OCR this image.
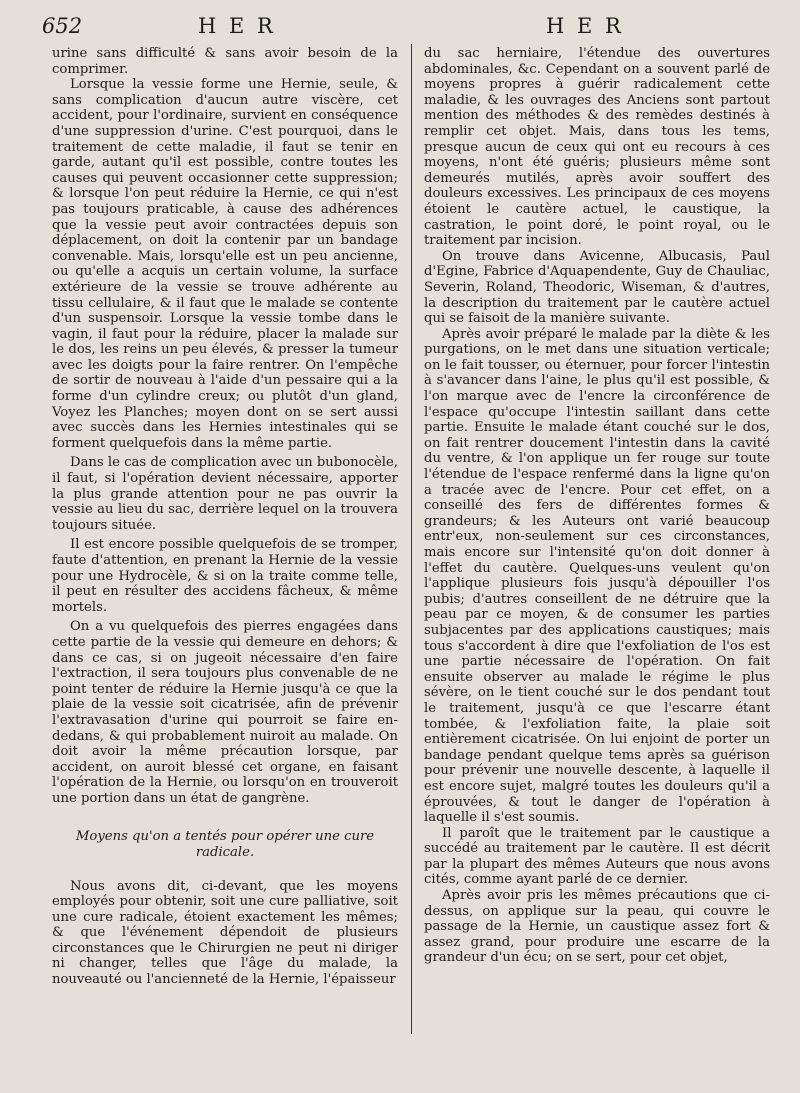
652	H E R	H E R

urine sans difficulté & sans avoir besoin de la comprimer.

Lorsque la vessie forme une Hernie, seule, & sans complication d'aucun autre viscère, cet accident, pour l'ordinaire, survient en conséquence d'une suppression d'urine. C'est pourquoi, dans le traitement de cette maladie, il faut se tenir en garde, autant qu'il est possible, contre toutes les causes qui peuvent occasionner cette suppression; & lorsque l'on peut réduire la Hernie, ce qui n'est pas toujours praticable, à cause des adhérences que la vessie peut avoir contractées depuis son déplacement, on doit la contenir par un bandage convenable. Mais, lorsqu'elle est un peu ancienne, ou qu'elle a acquis un certain volume, la surface extérieure de la vessie se trouve adhérente au tissu cellulaire, & il faut que le malade se contente d'un suspensoir. Lorsque la vessie tombe dans le vagin, il faut pour la réduire, placer la malade sur le dos, les reins un peu élevés, & presser la tumeur avec les doigts pour la faire rentrer. On l'empêche de sortir de nouveau à l'aide d'un pessaire qui a la forme d'un cylindre creux; ou plutôt d'un gland, Voyez les Planches; moyen dont on se sert aussi avec succès dans les Hernies intestinales qui se forment quelquefois dans la même partie.

Dans le cas de complication avec un bubonocèle, il faut, si l'opération devient nécessaire, apporter la plus grande attention pour ne pas ouvrir la vessie au lieu du sac, derrière lequel on la trouvera toujours située.

Il est encore possible quelquefois de se tromper, faute d'attention, en prenant la Hernie de la vessie pour une Hydrocèle, & si on la traite comme telle, il peut en résulter des accidens fâcheux, & même mortels.

On a vu quelquefois des pierres engagées dans cette partie de la vessie qui demeure en dehors; & dans ce cas, si on jugeoit nécessaire d'en faire l'extraction, il sera toujours plus convenable de ne point tenter de réduire la Hernie jusqu'à ce que la plaie de la vessie soit cicatrisée, afin de prévenir l'extravasation d'urine qui pourroit se faire en-dedans, & qui probablement nuiroit au malade. On doit avoir la même précaution lorsque, par accident, on auroit blessé cet organe, en faisant l'opération de la Hernie, ou lorsqu'on en trouveroit une portion dans un état de gangrène.

Moyens qu'on a tentés pour opérer une cure
radicale.

Nous avons dit, ci-devant, que les moyens employés pour obtenir, soit une cure palliative, soit une cure radicale, étoient exactement les mêmes; & que l'événement dépendoit de plusieurs circonstances que le Chirurgien ne peut ni diriger ni changer, telles que l'âge du malade, la nouveauté ou l'ancienneté de la Hernie, l'épaisseur

du sac herniaire, l'étendue des ouvertures abdominales, &c. Cependant on a souvent parlé de moyens propres à guérir radicalement cette maladie, & les ouvrages des Anciens sont partout mention des méthodes & des remèdes destinés à remplir cet objet. Mais, dans tous les tems, presque aucun de ceux qui ont eu recours à ces moyens, n'ont été guéris; plusieurs même sont demeurés mutilés, après avoir souffert des douleurs excessives. Les principaux de ces moyens étoient le cautère actuel, le caustique, la castration, le point doré, le point royal, ou le traitement par incision.

On trouve dans Avicenne, Albucasis, Paul d'Egine, Fabrice d'Aquapendente, Guy de Chauliac, Severin, Roland, Theodoric, Wiseman, & d'autres, la description du traitement par le cautère actuel qui se faisoit de la manière suivante.

Après avoir préparé le malade par la diète & les purgations, on le met dans une situation verticale; on le fait tousser, ou éternuer, pour forcer l'intestin à s'avancer dans l'aine, le plus qu'il est possible, & l'on marque avec de l'encre la circonférence de l'espace qu'occupe l'intestin saillant dans cette partie. Ensuite le malade étant couché sur le dos, on fait rentrer doucement l'intestin dans la cavité du ventre, & l'on applique un fer rouge sur toute l'étendue de l'espace renfermé dans la ligne qu'on a tracée avec de l'encre. Pour cet effet, on a conseillé des fers de différentes formes & grandeurs; & les Auteurs ont varié beaucoup entr'eux, non-seulement sur ces circonstances, mais encore sur l'intensité qu'on doit donner à l'effet du cautère. Quelques-uns veulent qu'on l'applique plusieurs fois jusqu'à dépouiller l'os pubis; d'autres conseillent de ne détruire que la peau par ce moyen, & de consumer les parties subjacentes par des applications caustiques; mais tous s'accordent à dire que l'exfoliation de l'os est une partie nécessaire de l'opération. On fait ensuite observer au malade le régime le plus sévère, on le tient couché sur le dos pendant tout le traitement, jusqu'à ce que l'escarre étant tombée, & l'exfoliation faite, la plaie soit entièrement cicatrisée. On lui enjoint de porter un bandage pendant quelque tems après sa guérison pour prévenir une nouvelle descente, à laquelle il est encore sujet, malgré toutes les douleurs qu'il a éprouvées, & tout le danger de l'opération à laquelle il s'est soumis.

Il paroît que le traitement par le caustique a succédé au traitement par le cautère. Il est décrit par la plupart des mêmes Auteurs que nous avons cités, comme ayant parlé de ce dernier.

Après avoir pris les mêmes précautions que ci-dessus, on applique sur la peau, qui couvre le passage de la Hernie, un caustique assez fort & assez grand, pour produire une escarre de la grandeur d'un écu; on se sert, pour cet objet,
